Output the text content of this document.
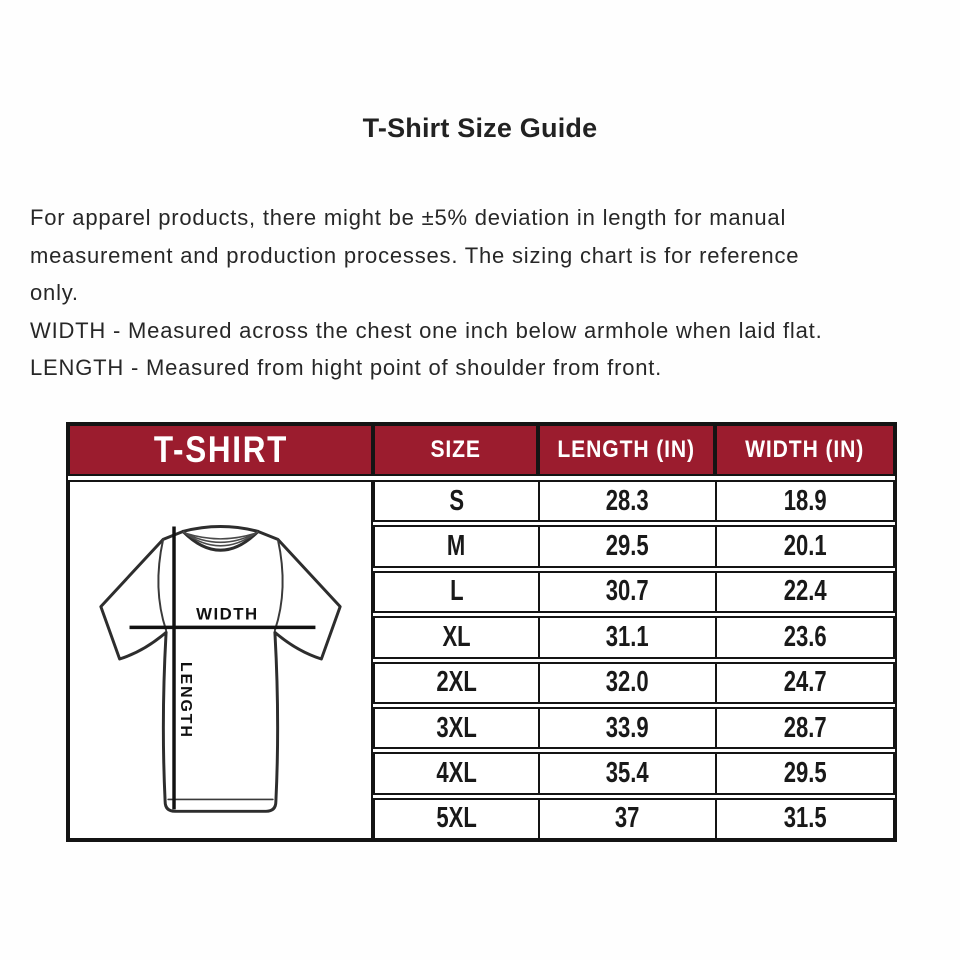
T-Shirt Size Guide
For apparel products, there might be ±5% deviation in length for manual
measurement and production processes. The sizing chart is for reference
only.
WIDTH - Measured across the chest one inch below armhole when laid flat.
LENGTH - Measured from hight point of shoulder from front.
T-SHIRT	SIZE	LENGTH (IN) WIDTH (IN)
WIDTH
LENGTH
S	28.3	18.9
M	29.5	20.1
L	30.7	22.4
XL	31.1	23.6
2XL	32.0	24.7
3XL	33.9	28.7
4XL	35.4	29.5
5XL	37	31.5
